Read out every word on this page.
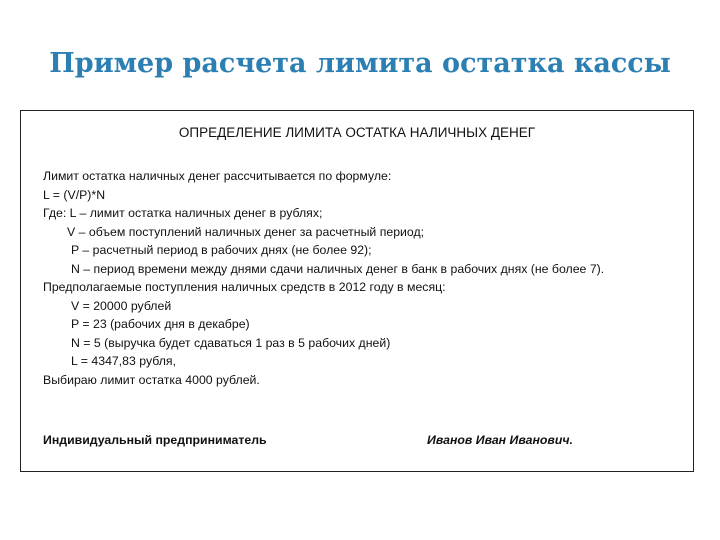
Пример расчета лимита остатка кассы
ОПРЕДЕЛЕНИЕ ЛИМИТА ОСТАТКА НАЛИЧНЫХ ДЕНЕГ
Лимит остатка наличных денег рассчитывается по формуле:
L = (V/P)*N
Где: L – лимит остатка наличных денег в рублях;
V – объем поступлений наличных денег за расчетный период;
P – расчетный период в рабочих днях (не более 92);
N – период времени между днями сдачи наличных денег в банк в рабочих днях (не более 7).
Предполагаемые поступления наличных средств в 2012 году в месяц:
V = 20000 рублей
P = 23 (рабочих дня в декабре)
N = 5 (выручка будет сдаваться 1 раз в 5 рабочих дней)
L = 4347,83 рубля,
Выбираю лимит остатка 4000 рублей.
Индивидуальный предприниматель	Иванов Иван Иванович.
